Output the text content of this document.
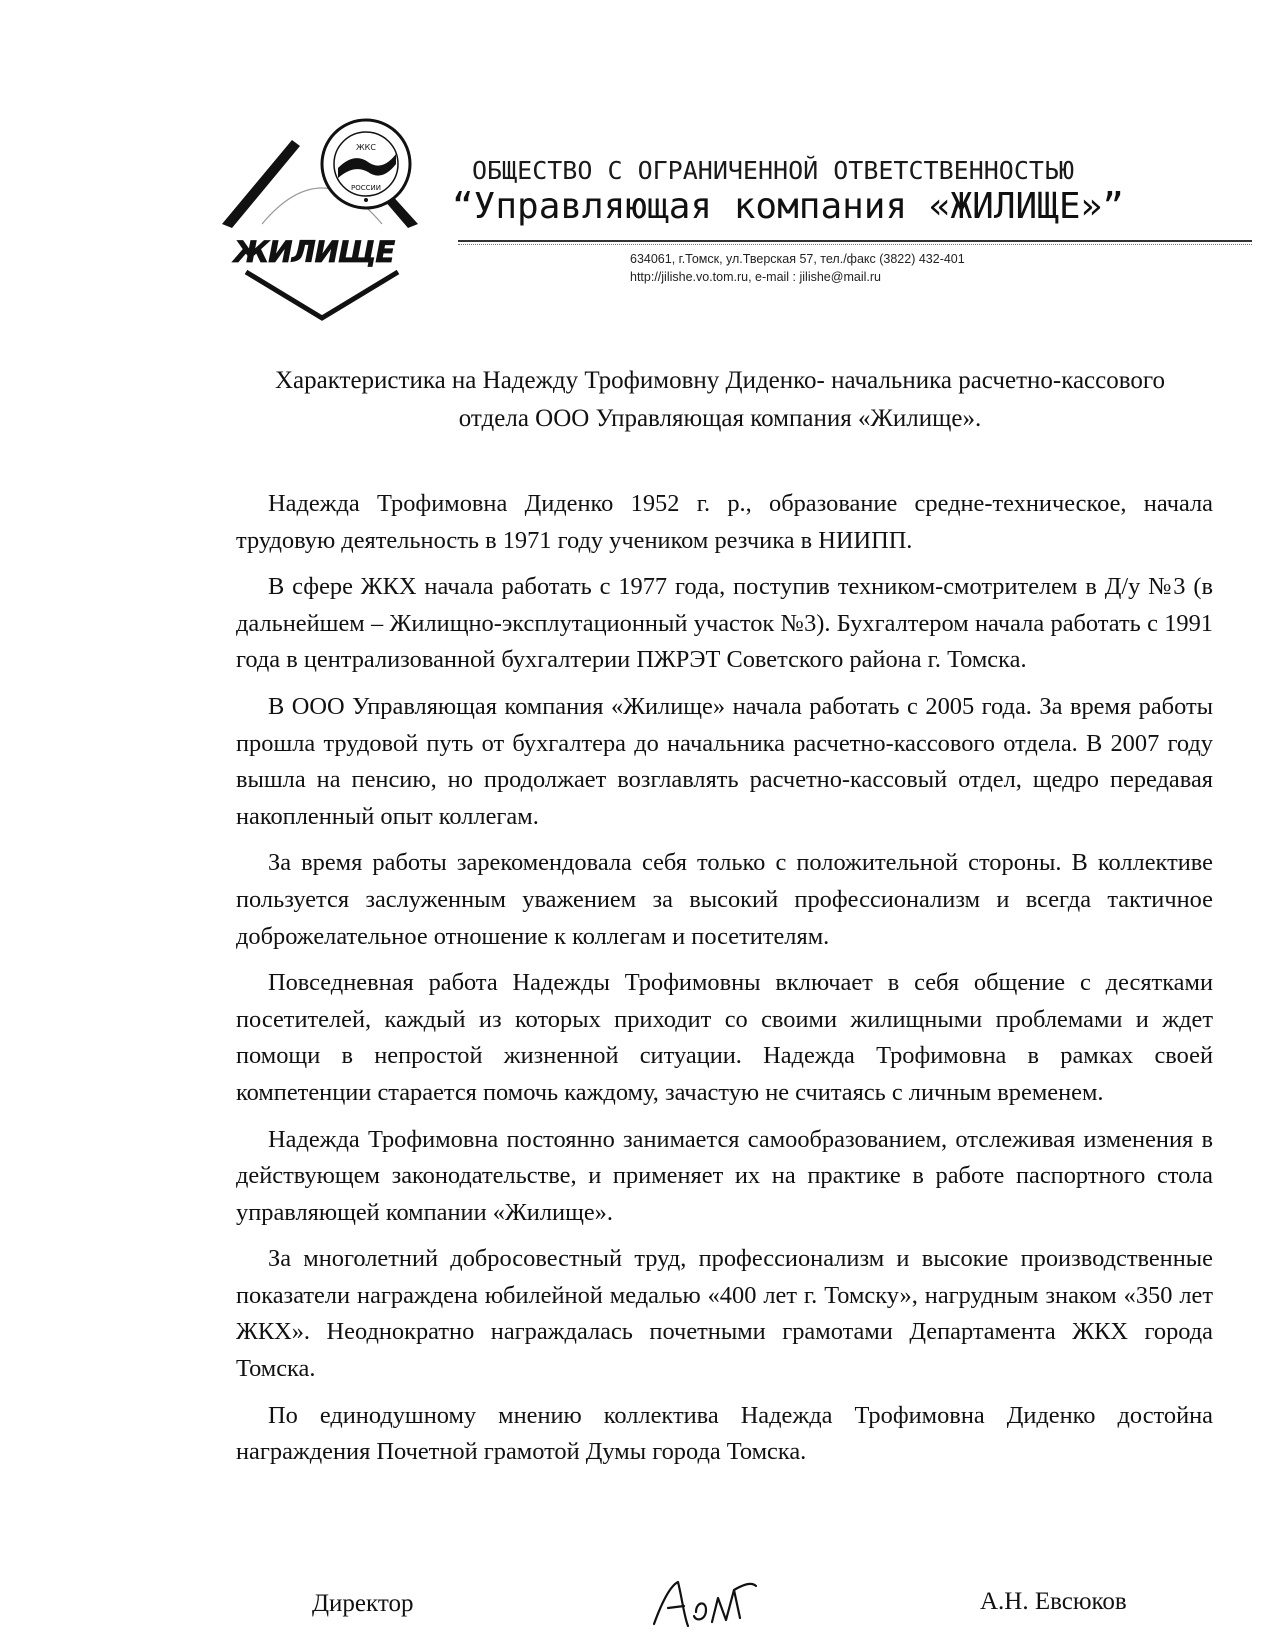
ЖКС
РОССИИ
ЖИЛИЩЕ
ОБЩЕСТВО С ОГРАНИЧЕННОЙ ОТВЕТСТВЕННОСТЬЮ
“Управляющая компания «ЖИЛИЩЕ»”
634061, г.Томск, ул.Тверская 57, тел./факс (3822) 432-401
http://jilishe.vo.tom.ru, e-mail : jilishe@mail.ru
Характеристика на Надежду Трофимовну Диденко- начальника расчетно-кассового
отдела ООО Управляющая компания «Жилище».

Надежда Трофимовна Диденко 1952 г. р., образование средне-техническое, начала трудовую деятельность в 1971 году учеником резчика в НИИПП.

В сфере ЖКХ начала работать с 1977 года, поступив техником-смотрителем в Д/у №3 (в дальнейшем – Жилищно-эксплутационный участок №3). Бухгалтером начала работать с 1991 года в централизованной бухгалтерии ПЖРЭТ Советского района г. Томска.

В ООО Управляющая компания «Жилище» начала работать с 2005 года. За время работы прошла трудовой путь от бухгалтера до начальника расчетно-кассового отдела. В 2007 году вышла на пенсию, но продолжает возглавлять расчетно-кассовый отдел, щедро передавая накопленный опыт коллегам.

За время работы зарекомендовала себя только с положительной стороны. В коллективе пользуется заслуженным уважением за высокий профессионализм и всегда тактичное доброжелательное отношение к коллегам и посетителям.

Повседневная работа Надежды Трофимовны включает в себя общение с десятками посетителей, каждый из которых приходит со своими жилищными проблемами и ждет помощи в непростой жизненной ситуации. Надежда Трофимовна в рамках своей компетенции старается помочь каждому, зачастую не считаясь с личным временем.

Надежда Трофимовна постоянно занимается самообразованием, отслеживая изменения в действующем законодательстве, и применяет их на практике в работе паспортного стола управляющей компании «Жилище».

За многолетний добросовестный труд, профессионализм и высокие производственные показатели награждена юбилейной медалью «400 лет г. Томску», нагрудным знаком «350 лет ЖКХ». Неоднократно награждалась почетными грамотами Департамента ЖКХ города Томска.

По единодушному мнению коллектива Надежда Трофимовна Диденко достойна награждения Почетной грамотой Думы города Томска.

Директор	А.Н. Евсюков
